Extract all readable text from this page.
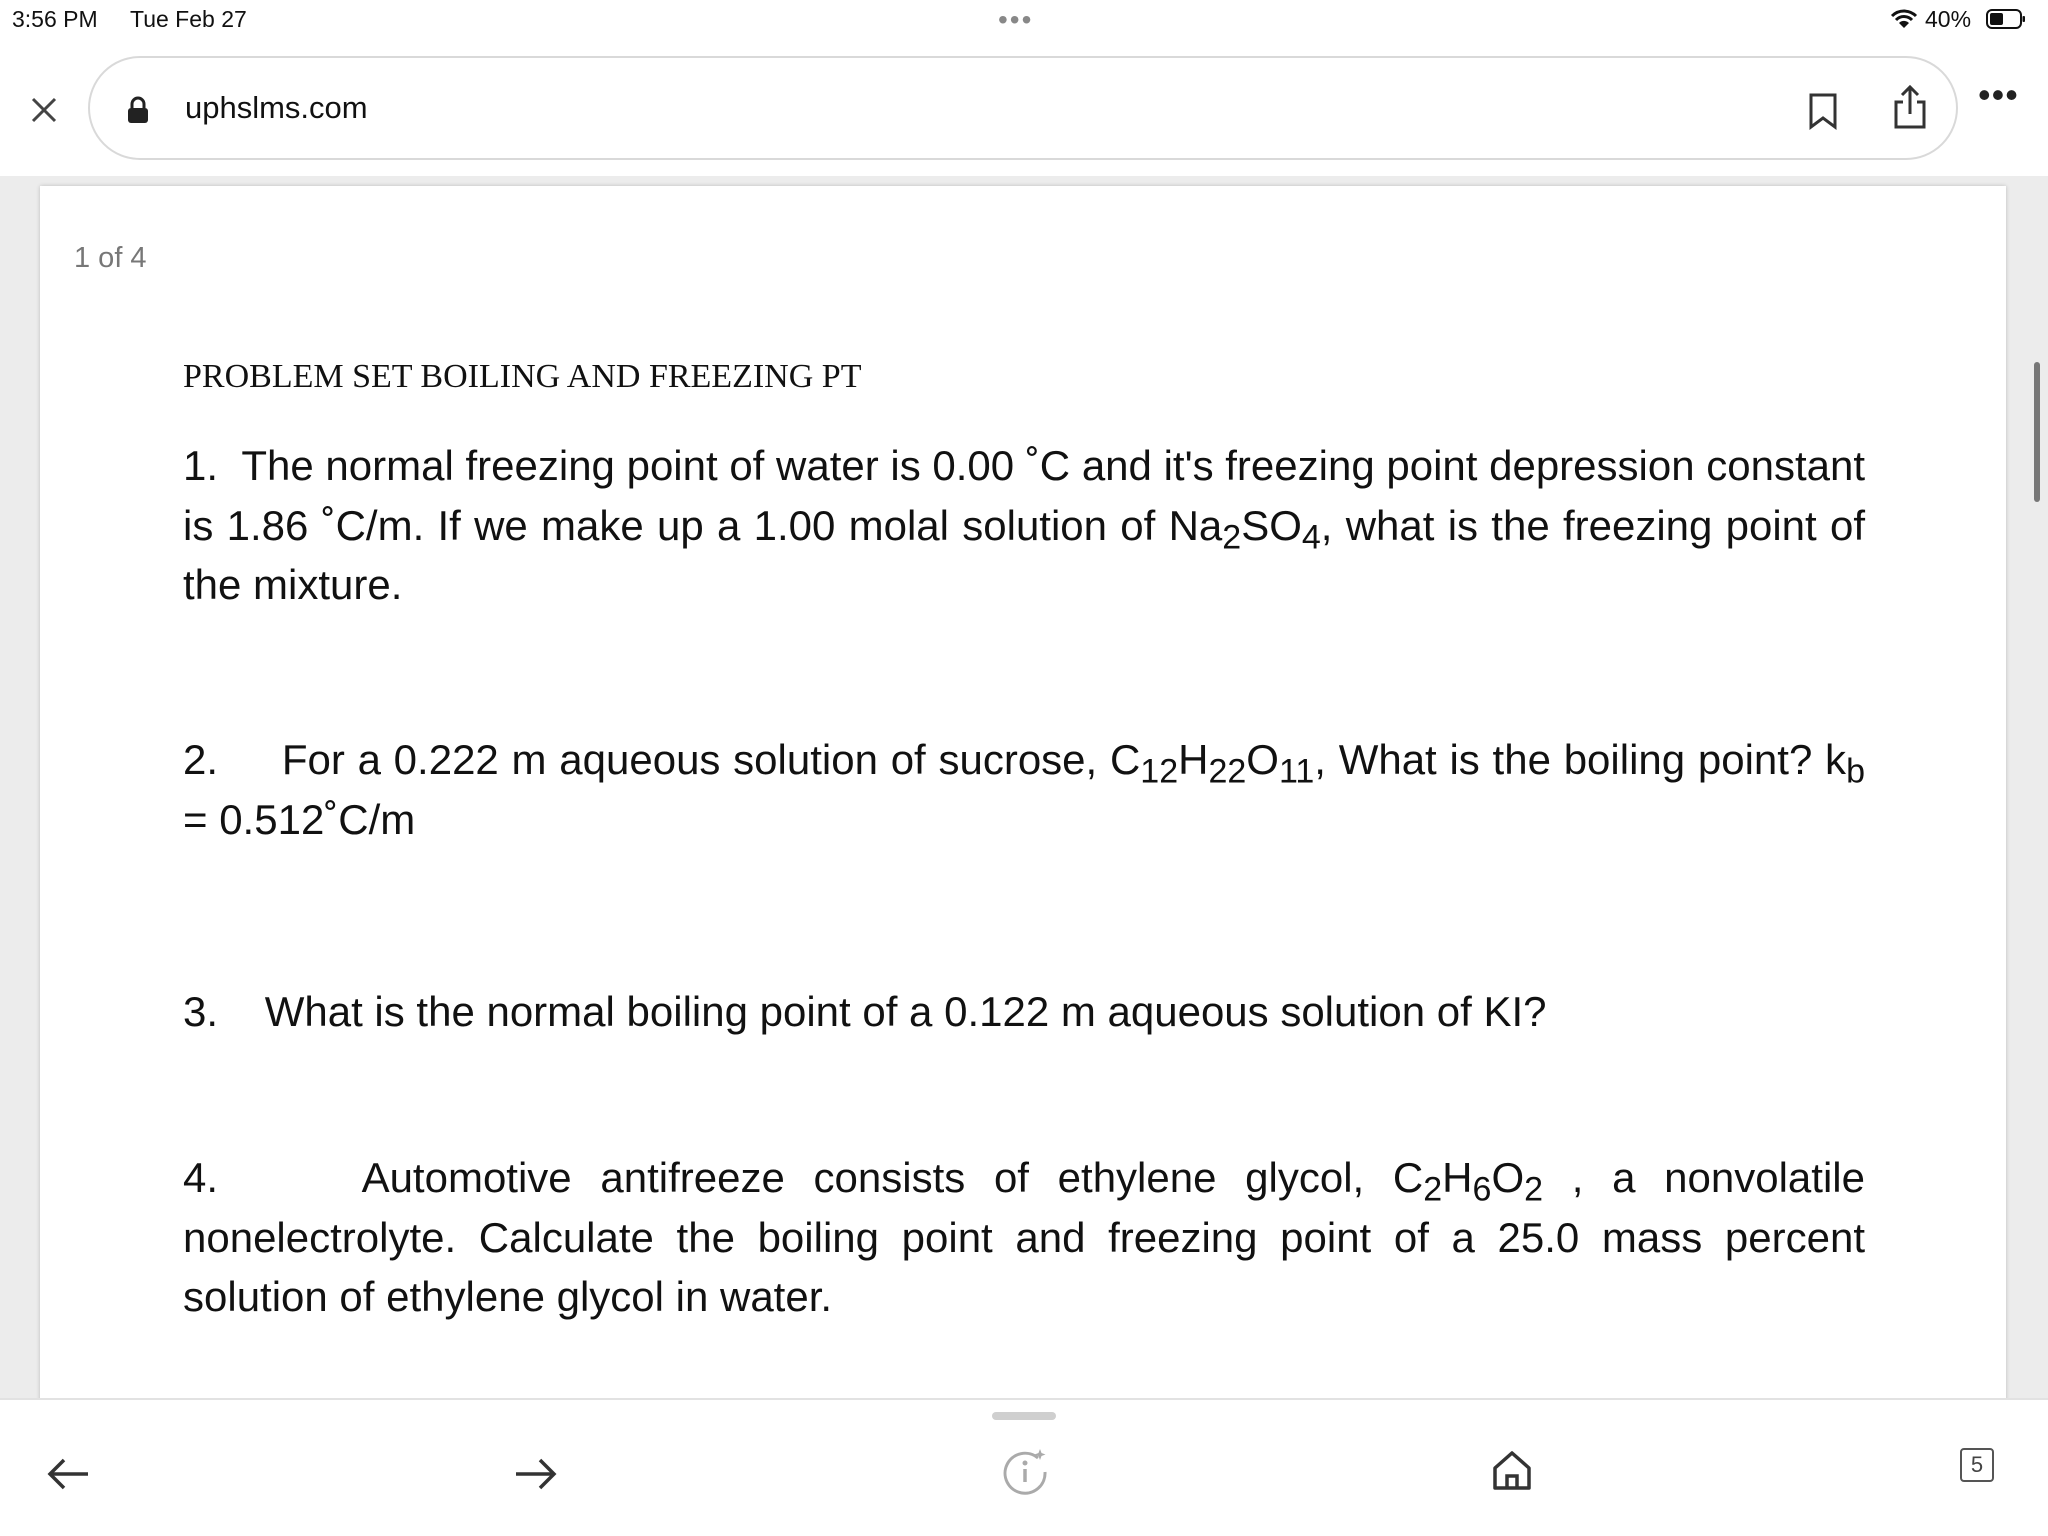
3:56 PM Tue Feb 27	•••	40%
uphslms.com	•••
1 of 4
PROBLEM SET BOILING AND FREEZING PT
1. The normal freezing point of water is 0.00 ˚C and it's freezing point depression constant is 1.86 ˚C/m. If we make up a 1.00 molal solution of $Na_2SO_4$, what is the freezing point of the mixture.
2. For a 0.222 m aqueous solution of sucrose, $C_{12}H_{22}O_{11}$, What is the boiling point? $k_b$ = 0.512˚C/m
3. What is the normal boiling point of a 0.122 m aqueous solution of KI?
4.	Automotive antifreeze consists of ethylene glycol, $C_2H_6O_2$ , a nonvolatile nonelectrolyte. Calculate the boiling point and freezing point of a 25.0 mass percent solution of ethylene glycol in water.
5
